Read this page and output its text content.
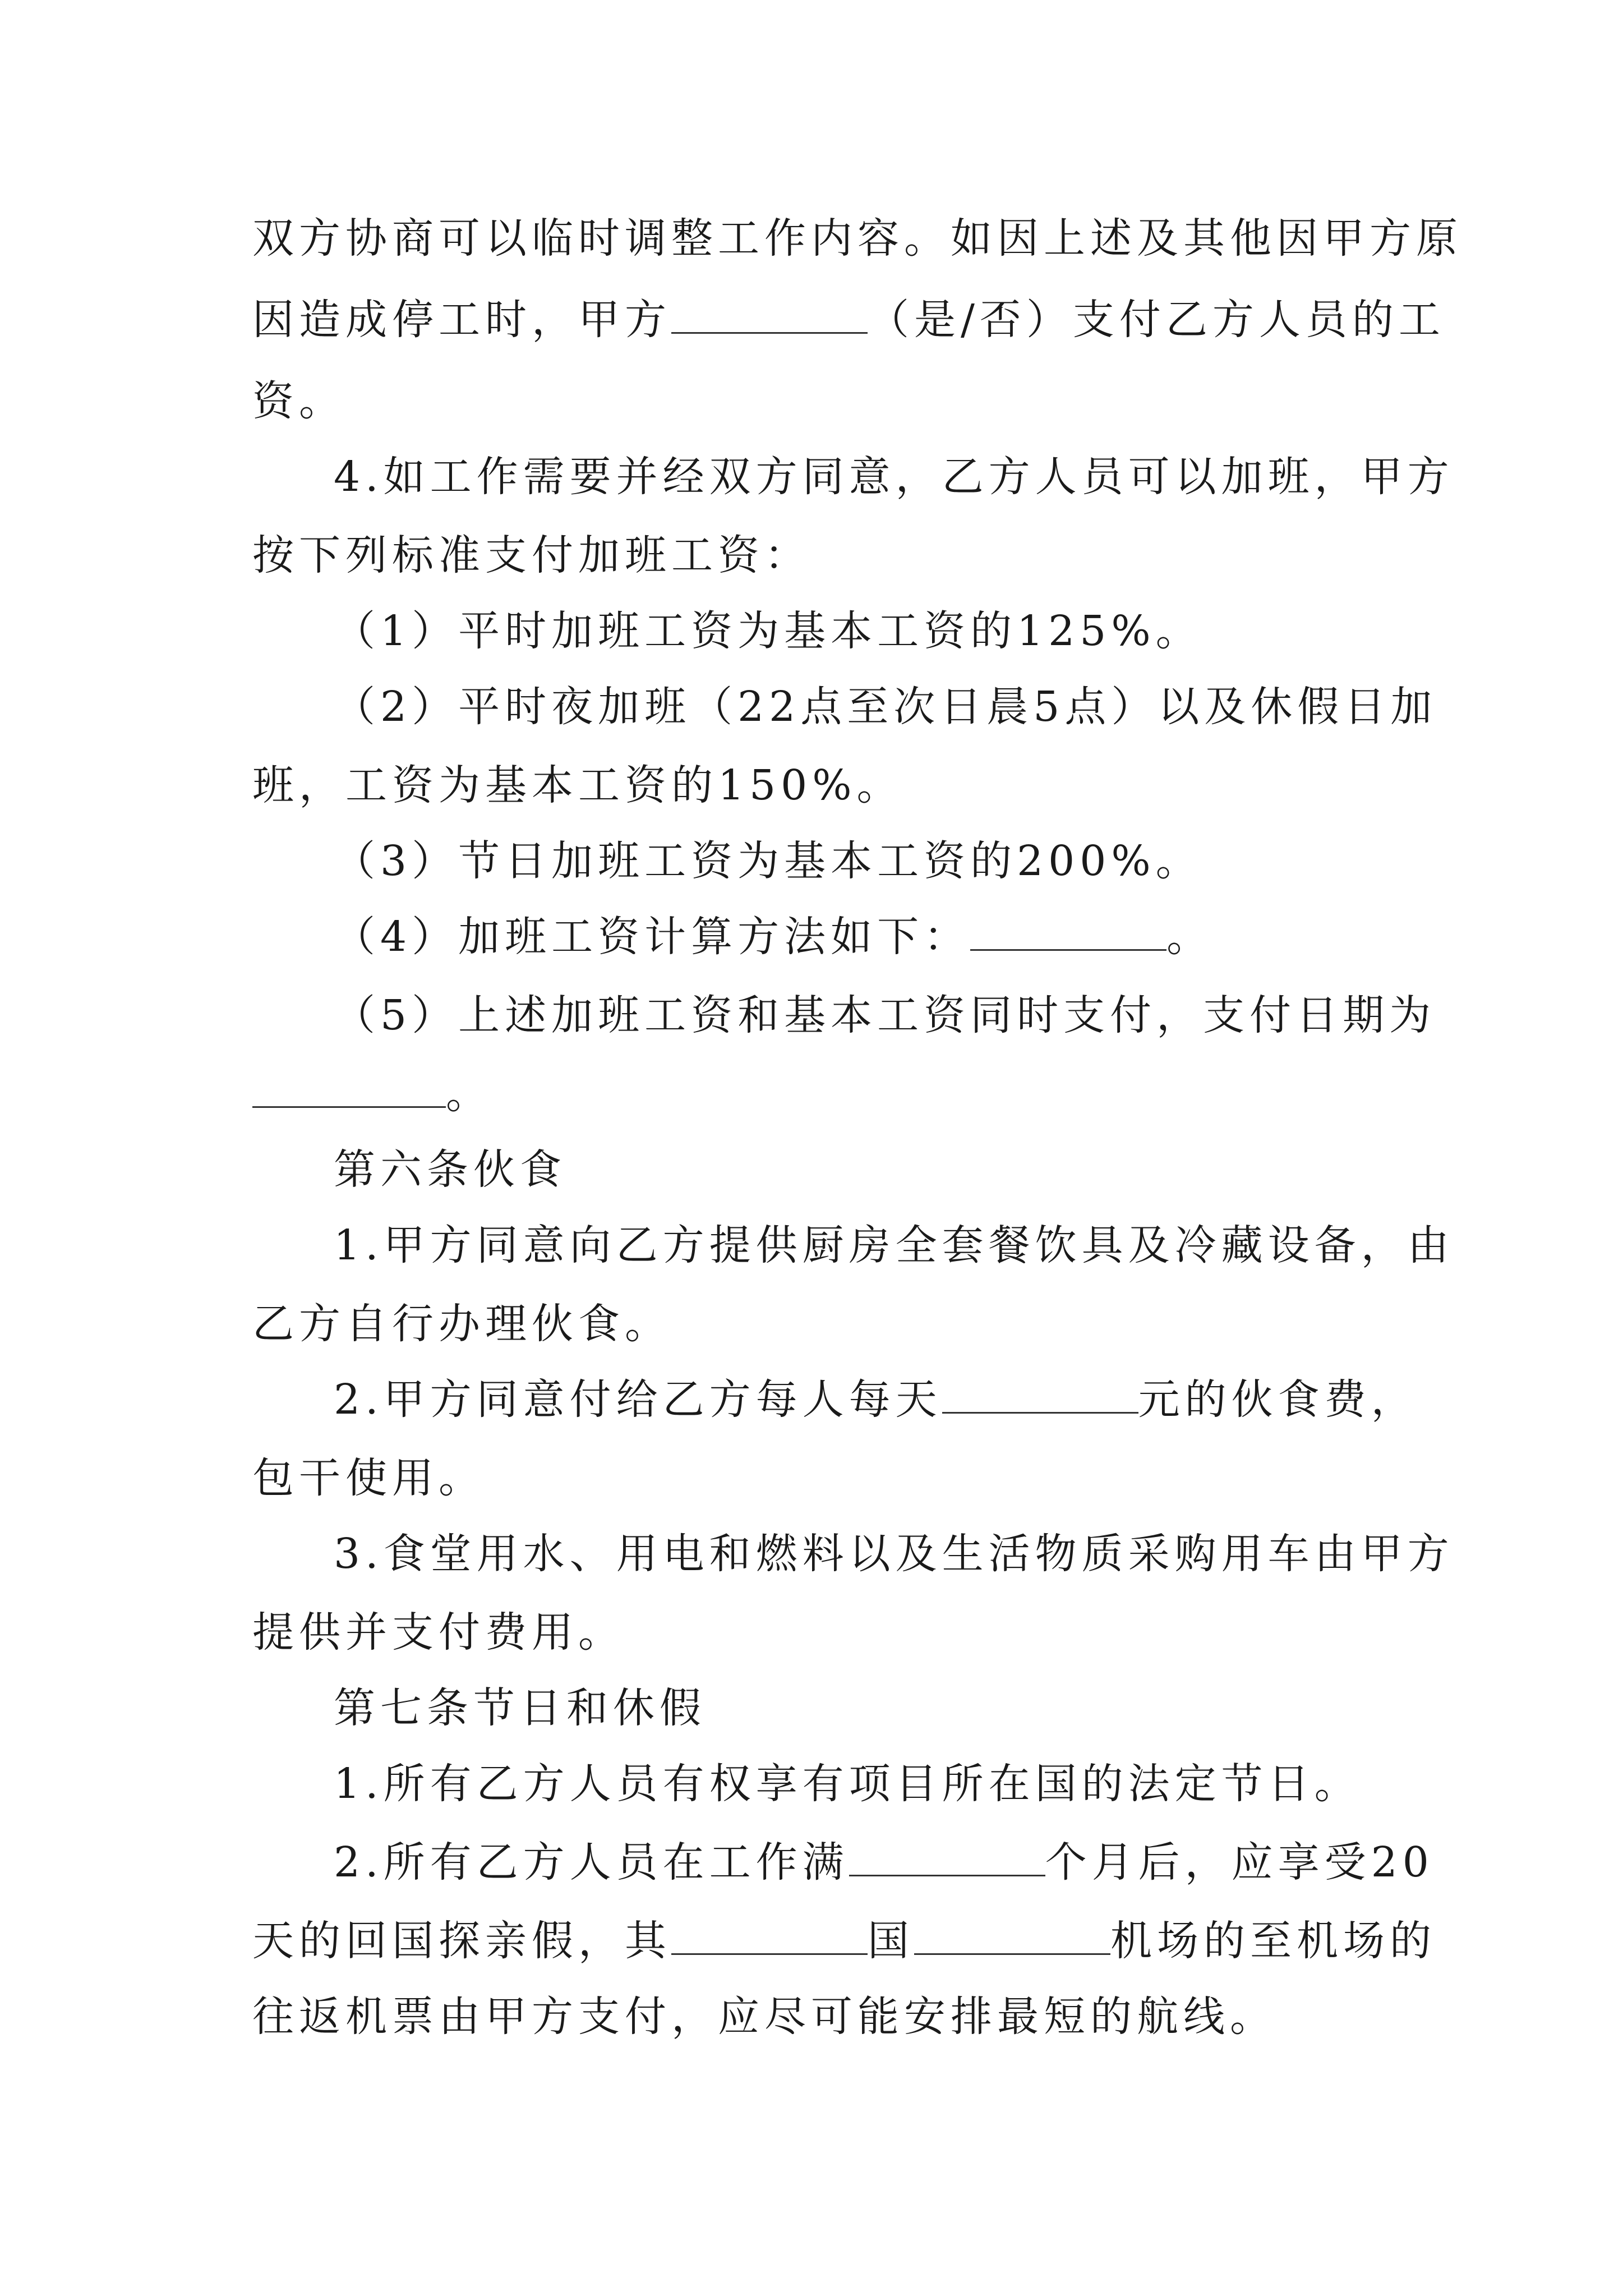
双方协商可以临时调整工作内容。如因上述及其他因甲方原
因造成停工时，甲方	（是/否）支付乙方人员的工
资。
4.如工作需要并经双方同意，乙方人员可以加班，甲方
按下列标准支付加班工资：
（1）平时加班工资为基本工资的125%。
（2）平时夜加班（22点至次日晨5点）以及休假日加
班，工资为基本工资的150%。
（3）节日加班工资为基本工资的200%。
（4）加班工资计算方法如下：	。
（5）上述加班工资和基本工资同时支付，支付日期为
。
第六条伙食
1.甲方同意向乙方提供厨房全套餐饮具及冷藏设备，由
乙方自行办理伙食。
2.甲方同意付给乙方每人每天	元的伙食费，
包干使用。
3.食堂用水、用电和燃料以及生活物质采购用车由甲方
提供并支付费用。
第七条节日和休假
1.所有乙方人员有权享有项目所在国的法定节日。
2.所有乙方人员在工作满	个月后，应享受20
天的回国探亲假，其	国	机场的至机场的
往返机票由甲方支付，应尽可能安排最短的航线。
